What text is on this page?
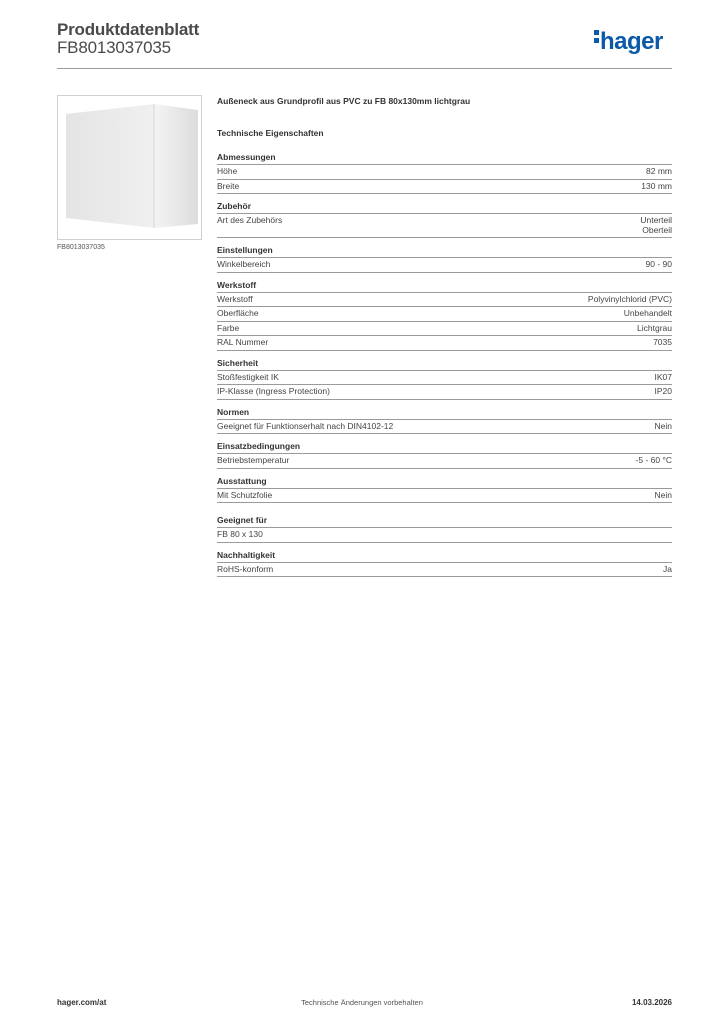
Produktdatenblatt
FB8013037035	hager
FB8013037035
Außeneck aus Grundprofil aus PVC zu FB 80x130mm lichtgrau
Technische Eigenschaften
Abmessungen
Höhe	82 mm
Breite	130 mm
Zubehör
Art des Zubehörs	Unterteil
Oberteil
Einstellungen
Winkelbereich	90 - 90
Werkstoff
Werkstoff	Polyvinylchlorid (PVC)
Oberfläche	Unbehandelt
Farbe	Lichtgrau
RAL Nummer	7035
Sicherheit
Stoßfestigkeit IK	IK07
IP-Klasse (Ingress Protection)	IP20
Normen
Geeignet für Funktionserhalt nach DIN4102-12	Nein
Einsatzbedingungen
Betriebstemperatur	-5 - 60 °C
Ausstattung
Mit Schutzfolie	Nein
Geeignet für
FB 80 x 130
Nachhaltigkeit
RoHS-konform	Ja
hager.com/at	Technische Änderungen vorbehalten	14.03.2026
